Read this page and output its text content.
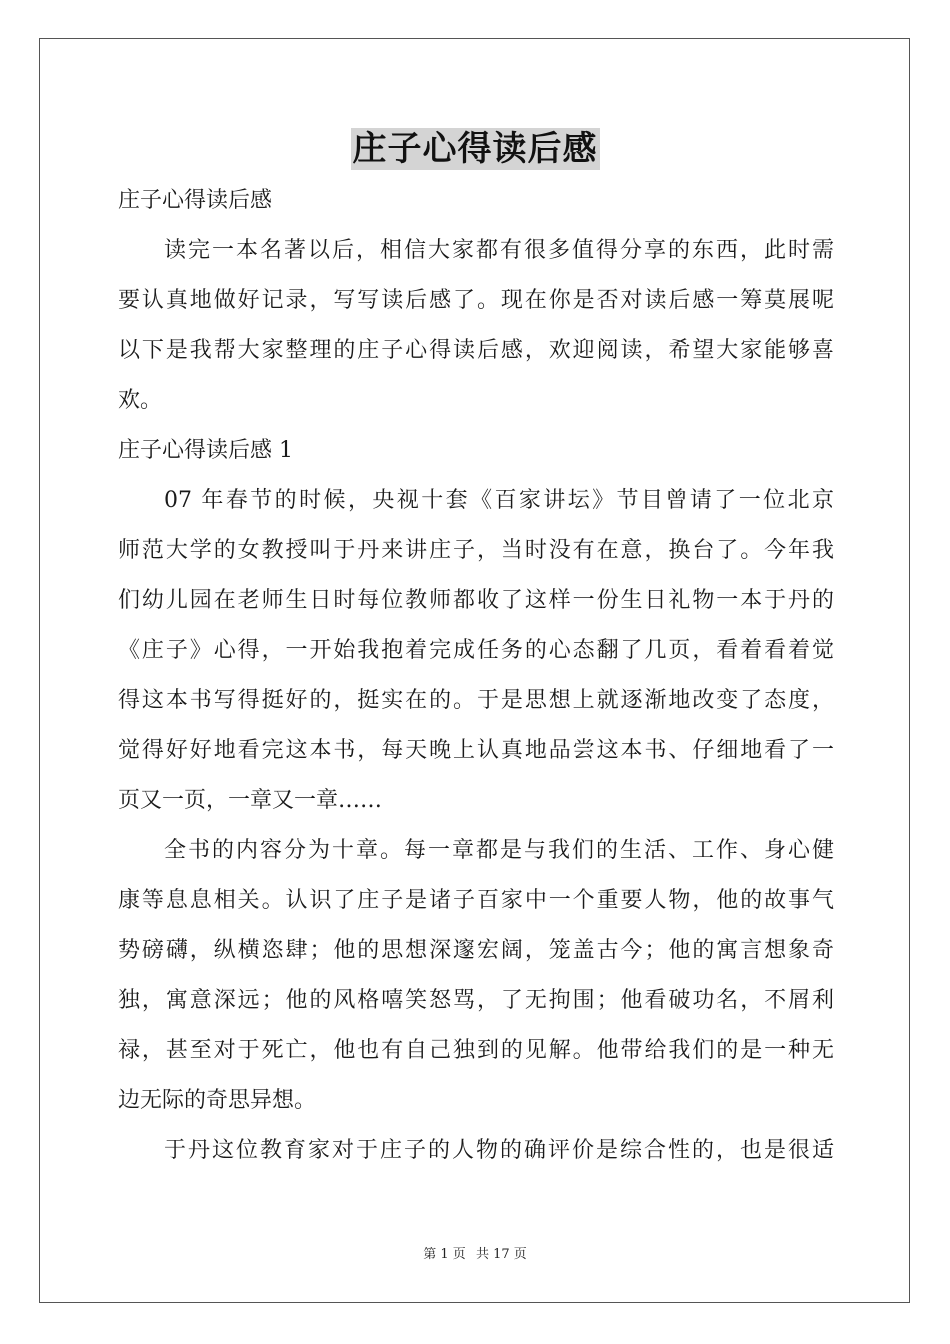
庄子心得读后感
庄子心得读后感
读完一本名著以后，相信大家都有很多值得分享的东西，此时需
要认真地做好记录，写写读后感了。现在你是否对读后感一筹莫展呢
以下是我帮大家整理的庄子心得读后感，欢迎阅读，希望大家能够喜
欢。
庄子心得读后感 1
07 年春节的时候，央视十套《百家讲坛》节目曾请了一位北京
师范大学的女教授叫于丹来讲庄子，当时没有在意，换台了。今年我
们幼儿园在老师生日时每位教师都收了这样一份生日礼物一本于丹的
《庄子》心得，一开始我抱着完成任务的心态翻了几页，看着看着觉
得这本书写得挺好的，挺实在的。于是思想上就逐渐地改变了态度，
觉得好好地看完这本书，每天晚上认真地品尝这本书、仔细地看了一
页又一页，一章又一章……
全书的内容分为十章。每一章都是与我们的生活、工作、身心健
康等息息相关。认识了庄子是诸子百家中一个重要人物，他的故事气
势磅礴，纵横恣肆；他的思想深邃宏阔，笼盖古今；他的寓言想象奇
独，寓意深远；他的风格嘻笑怒骂，了无拘围；他看破功名，不屑利
禄，甚至对于死亡，他也有自己独到的见解。他带给我们的是一种无
边无际的奇思异想。
于丹这位教育家对于庄子的人物的确评价是综合性的，也是很适
第 1 页 共 17 页
